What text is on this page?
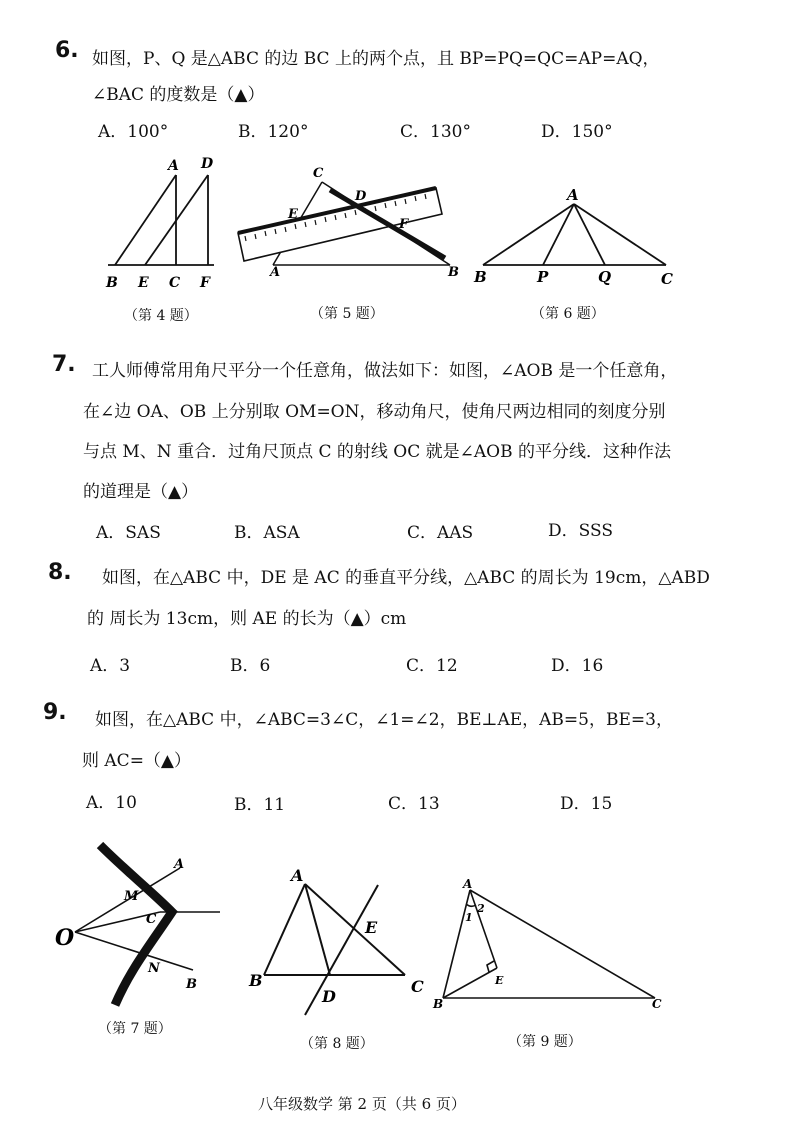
6. 如图，P、Q 是△ABC 的边 BC 上的两个点，且 BP=PQ=QC=AP=AQ，
∠BAC 的度数是（▲）
A．100°	B．120°	C．130°	D．150°
A D
B E C F
（第 4 题）
C
D
E
F
A	B
（第 5 题）
A
B	P	Q	C
（第 6 题）
7. 工人师傅常用角尺平分一个任意角，做法如下：如图，∠AOB 是一个任意角，
在∠边 OA、OB 上分别取 OM=ON，移动角尺，使角尺两边相同的刻度分别
与点 M、N 重合．过角尺顶点 C 的射线 OC 就是∠AOB 的平分线．这种作法
的道理是（▲）
A．SAS	B．ASA	C．AAS	D．SSS
8. 如图，在△ABC 中，DE 是 AC 的垂直平分线，△ABC 的周长为 19cm，△ABD
的 周长为 13cm，则 AE 的长为（▲）cm
A．3	B．6	C．12	D．16
9. 如图，在△ABC 中，∠ABC=3∠C，∠1=∠2，BE⊥AE，AB=5，BE=3，
则 AC=（▲）
A．10	B．11	C．13	D．15
A
M
C
O
N
B
（第 7 题）
A
E
B
D
C
（第 8 题）
A
1
2
E
B	C
（第 9 题）
八年级数学 第 2 页（共 6 页）
